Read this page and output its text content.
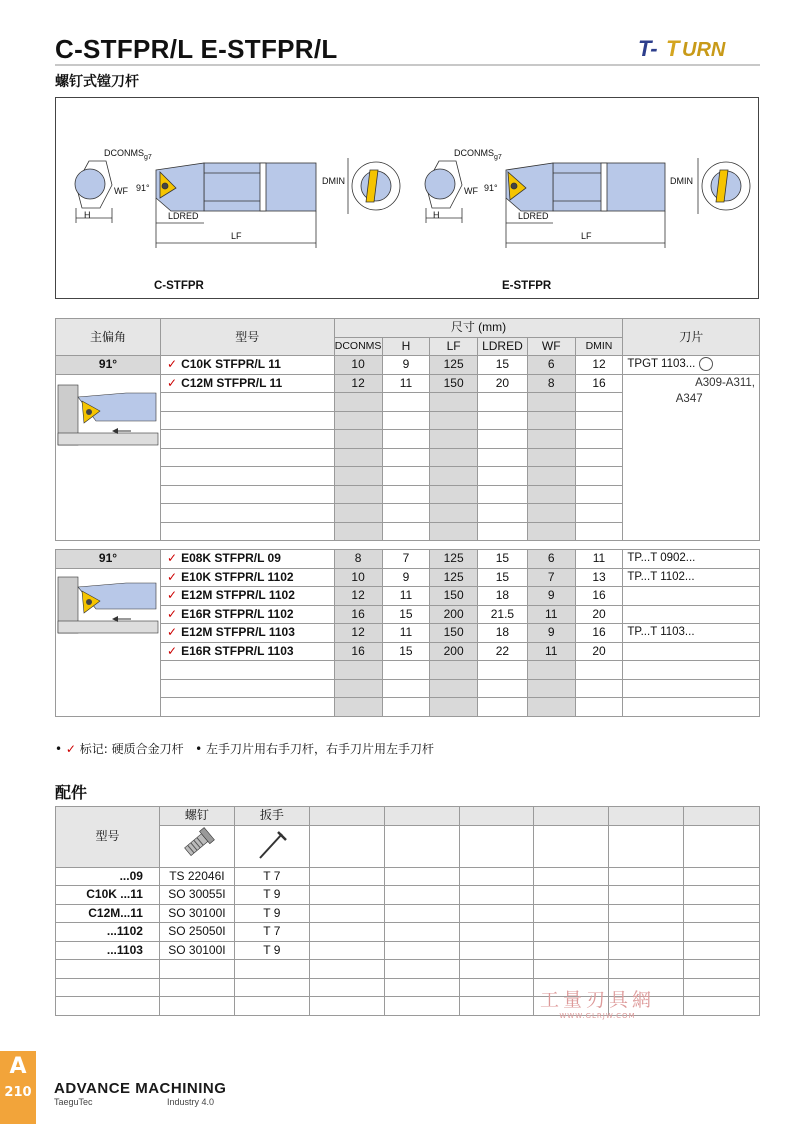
C-STFPR/L E-STFPR/L
螺钉式镗刀杆
T- T URN
$DCONMS_{g7}$
WF 91°
H	LDRED
LF
DMIN
$DCONMS_{g7}$
WF 91°
H	LDRED
LF
DMIN
C-STFPR	E-STFPR
主偏角	型号	尺寸 (mm)						刀片
		DCONMS	H	LF	LDRED	WF	DMIN	
91°	✓ C10K STFPR/L 11	10	9	125	15	6	12	TPGT 1103...

	✓ C12M STFPR/L 11	12	11	150	20	8	16	A309-A311,
A347

91°	✓ E08K STFPR/L 09	8	7	125	15	6	11	TP...T 0902...

	✓ E10K STFPR/L 1102	10	9	125	15	7	13	TP...T 1102...
	✓ E12M STFPR/L 1102	12	11	150	18	9	16	
	✓ E16R STFPR/L 1102	16	15	200	21.5	11	20	
	✓ E12M STFPR/L 1103	12	11	150	18	9	16	TP...T 1103...
	✓ E16R STFPR/L 1103	16	15	200	22	11	20	

• ✓ 标记: 硬质合金刀杆 • 左手刀片用右手刀杆，右手刀片用左手刀杆
配件
型号	螺钉	扳手						

...09	TS 22046I	T 7						
C10K ...11	SO 30055I	T 9						
C12M...11	SO 30100I	T 9						
...1102	SO 25050I	T 7						
...1103	SO 30100I	T 9						

工量刃具網
WWW.GLRJW.COM
A
210 ADVANCE MACHINING
TaeguTec	Industry 4.0
